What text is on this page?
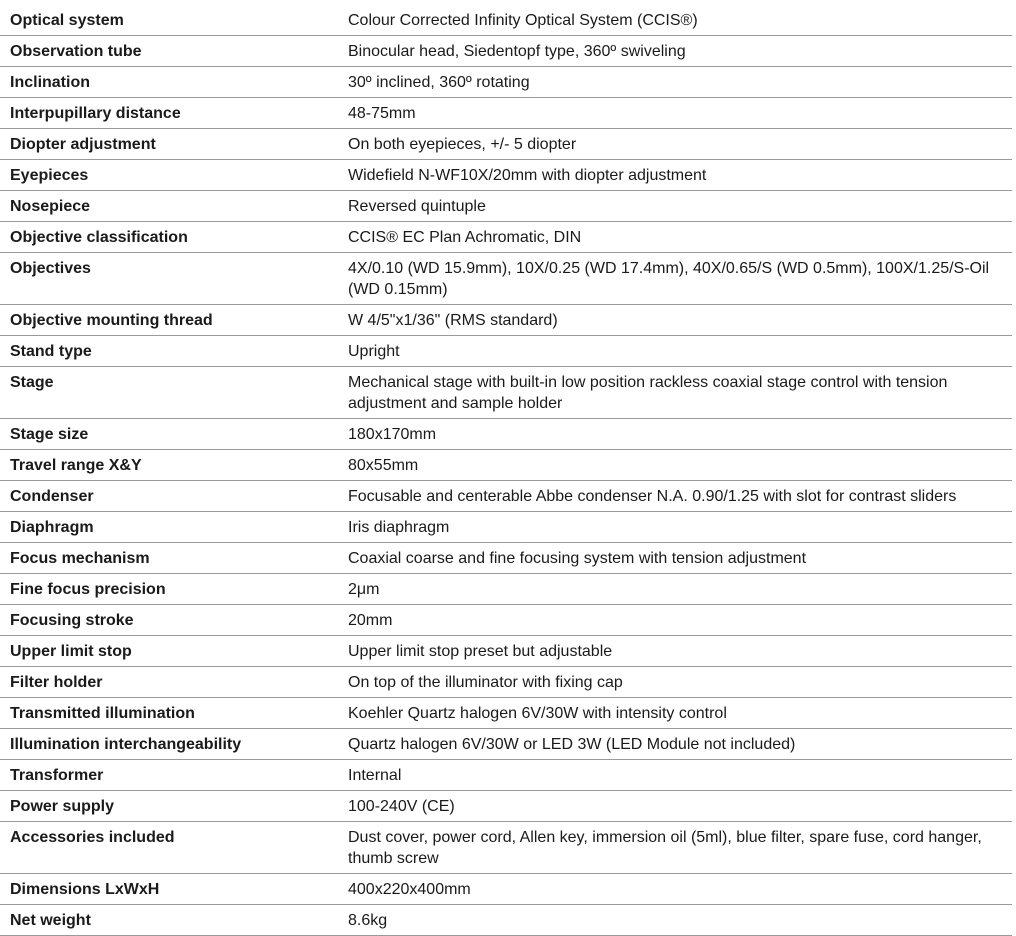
Optical system	Colour Corrected Infinity Optical System (CCIS®)
Observation tube	Binocular head, Siedentopf type, 360º swiveling
Inclination	30º inclined, 360º rotating
Interpupillary distance	48-75mm
Diopter adjustment	On both eyepieces, +/- 5 diopter
Eyepieces	Widefield N-WF10X/20mm with diopter adjustment
Nosepiece	Reversed quintuple
Objective classification	CCIS® EC Plan Achromatic, DIN
Objectives	4X/0.10 (WD 15.9mm), 10X/0.25 (WD 17.4mm), 40X/0.65/S (WD 0.5mm), 100X/1.25/S-Oil (WD 0.15mm)
Objective mounting thread	W 4/5"x1/36" (RMS standard)
Stand type	Upright
Stage	Mechanical stage with built-in low position rackless coaxial stage control with tension adjustment and sample holder
Stage size	180x170mm
Travel range X&Y	80x55mm
Condenser	Focusable and centerable Abbe condenser N.A. 0.90/1.25 with slot for contrast sliders
Diaphragm	Iris diaphragm
Focus mechanism	Coaxial coarse and fine focusing system with tension adjustment
Fine focus precision	2μm
Focusing stroke	20mm
Upper limit stop	Upper limit stop preset but adjustable
Filter holder	On top of the illuminator with fixing cap
Transmitted illumination	Koehler Quartz halogen 6V/30W with intensity control
Illumination interchangeability	Quartz halogen 6V/30W or LED 3W (LED Module not included)
Transformer	Internal
Power supply	100-240V (CE)
Accessories included	Dust cover, power cord, Allen key, immersion oil (5ml), blue filter, spare fuse, cord hanger, thumb screw
Dimensions LxWxH	400x220x400mm
Net weight	8.6kg
